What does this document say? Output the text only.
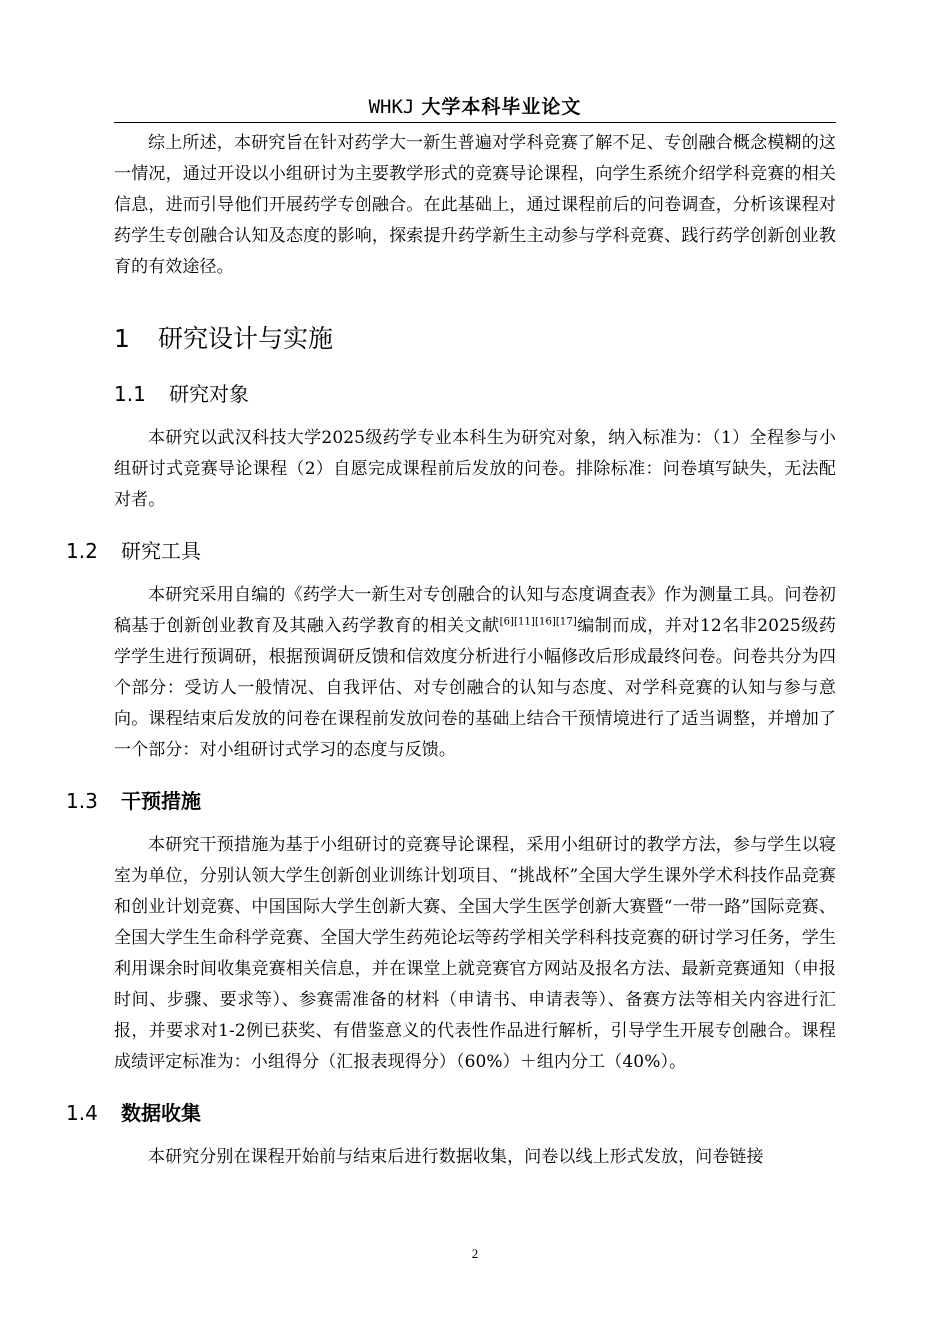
WHKJ 大学本科毕业论文

综上所述，本研究旨在针对药学大一新生普遍对学科竞赛了解不足、专创融合概念模糊的这一情况，通过开设以小组研讨为主要教学形式的竞赛导论课程，向学生系统介绍学科竞赛的相关信息，进而引导他们开展药学专创融合。在此基础上，通过课程前后的问卷调查，分析该课程对药学生专创融合认知及态度的影响，探索提升药学新生主动参与学科竞赛、践行药学创新创业教育的有效途径。

1 研究设计与实施
1.1 研究对象

本研究以武汉科技大学2025级药学专业本科生为研究对象，纳入标准为：（1）全程参与小组研讨式竞赛导论课程（2）自愿完成课程前后发放的问卷。排除标准：问卷填写缺失，无法配对者。

1.2 研究工具

本研究采用自编的《药学大一新生对专创融合的认知与态度调查表》作为测量工具。问卷初稿基于创新创业教育及其融入药学教育的相关文献[6][11][16][17]编制而成，并对12名非2025级药学学生进行预调研，根据预调研反馈和信效度分析进行小幅修改后形成最终问卷。问卷共分为四个部分：受访人一般情况、自我评估、对专创融合的认知与态度、对学科竞赛的认知与参与意向。课程结束后发放的问卷在课程前发放问卷的基础上结合干预情境进行了适当调整，并增加了一个部分：对小组研讨式学习的态度与反馈。

1.3 干预措施

本研究干预措施为基于小组研讨的竞赛导论课程，采用小组研讨的教学方法，参与学生以寝室为单位，分别认领大学生创新创业训练计划项目、“挑战杯”全国大学生课外学术科技作品竞赛和创业计划竞赛、中国国际大学生创新大赛、全国大学生医学创新大赛暨“一带一路”国际竞赛、全国大学生生命科学竞赛、全国大学生药苑论坛等药学相关学科科技竞赛的研讨学习任务，学生利用课余时间收集竞赛相关信息，并在课堂上就竞赛官方网站及报名方法、最新竞赛通知（申报时间、步骤、要求等）、参赛需准备的材料（申请书、申请表等）、备赛方法等相关内容进行汇报，并要求对1-2例已获奖、有借鉴意义的代表性作品进行解析，引导学生开展专创融合。课程成绩评定标准为：小组得分（汇报表现得分）（60%）＋组内分工（40%）。

1.4 数据收集

本研究分别在课程开始前与结束后进行数据收集，问卷以线上形式发放，问卷链接

2
